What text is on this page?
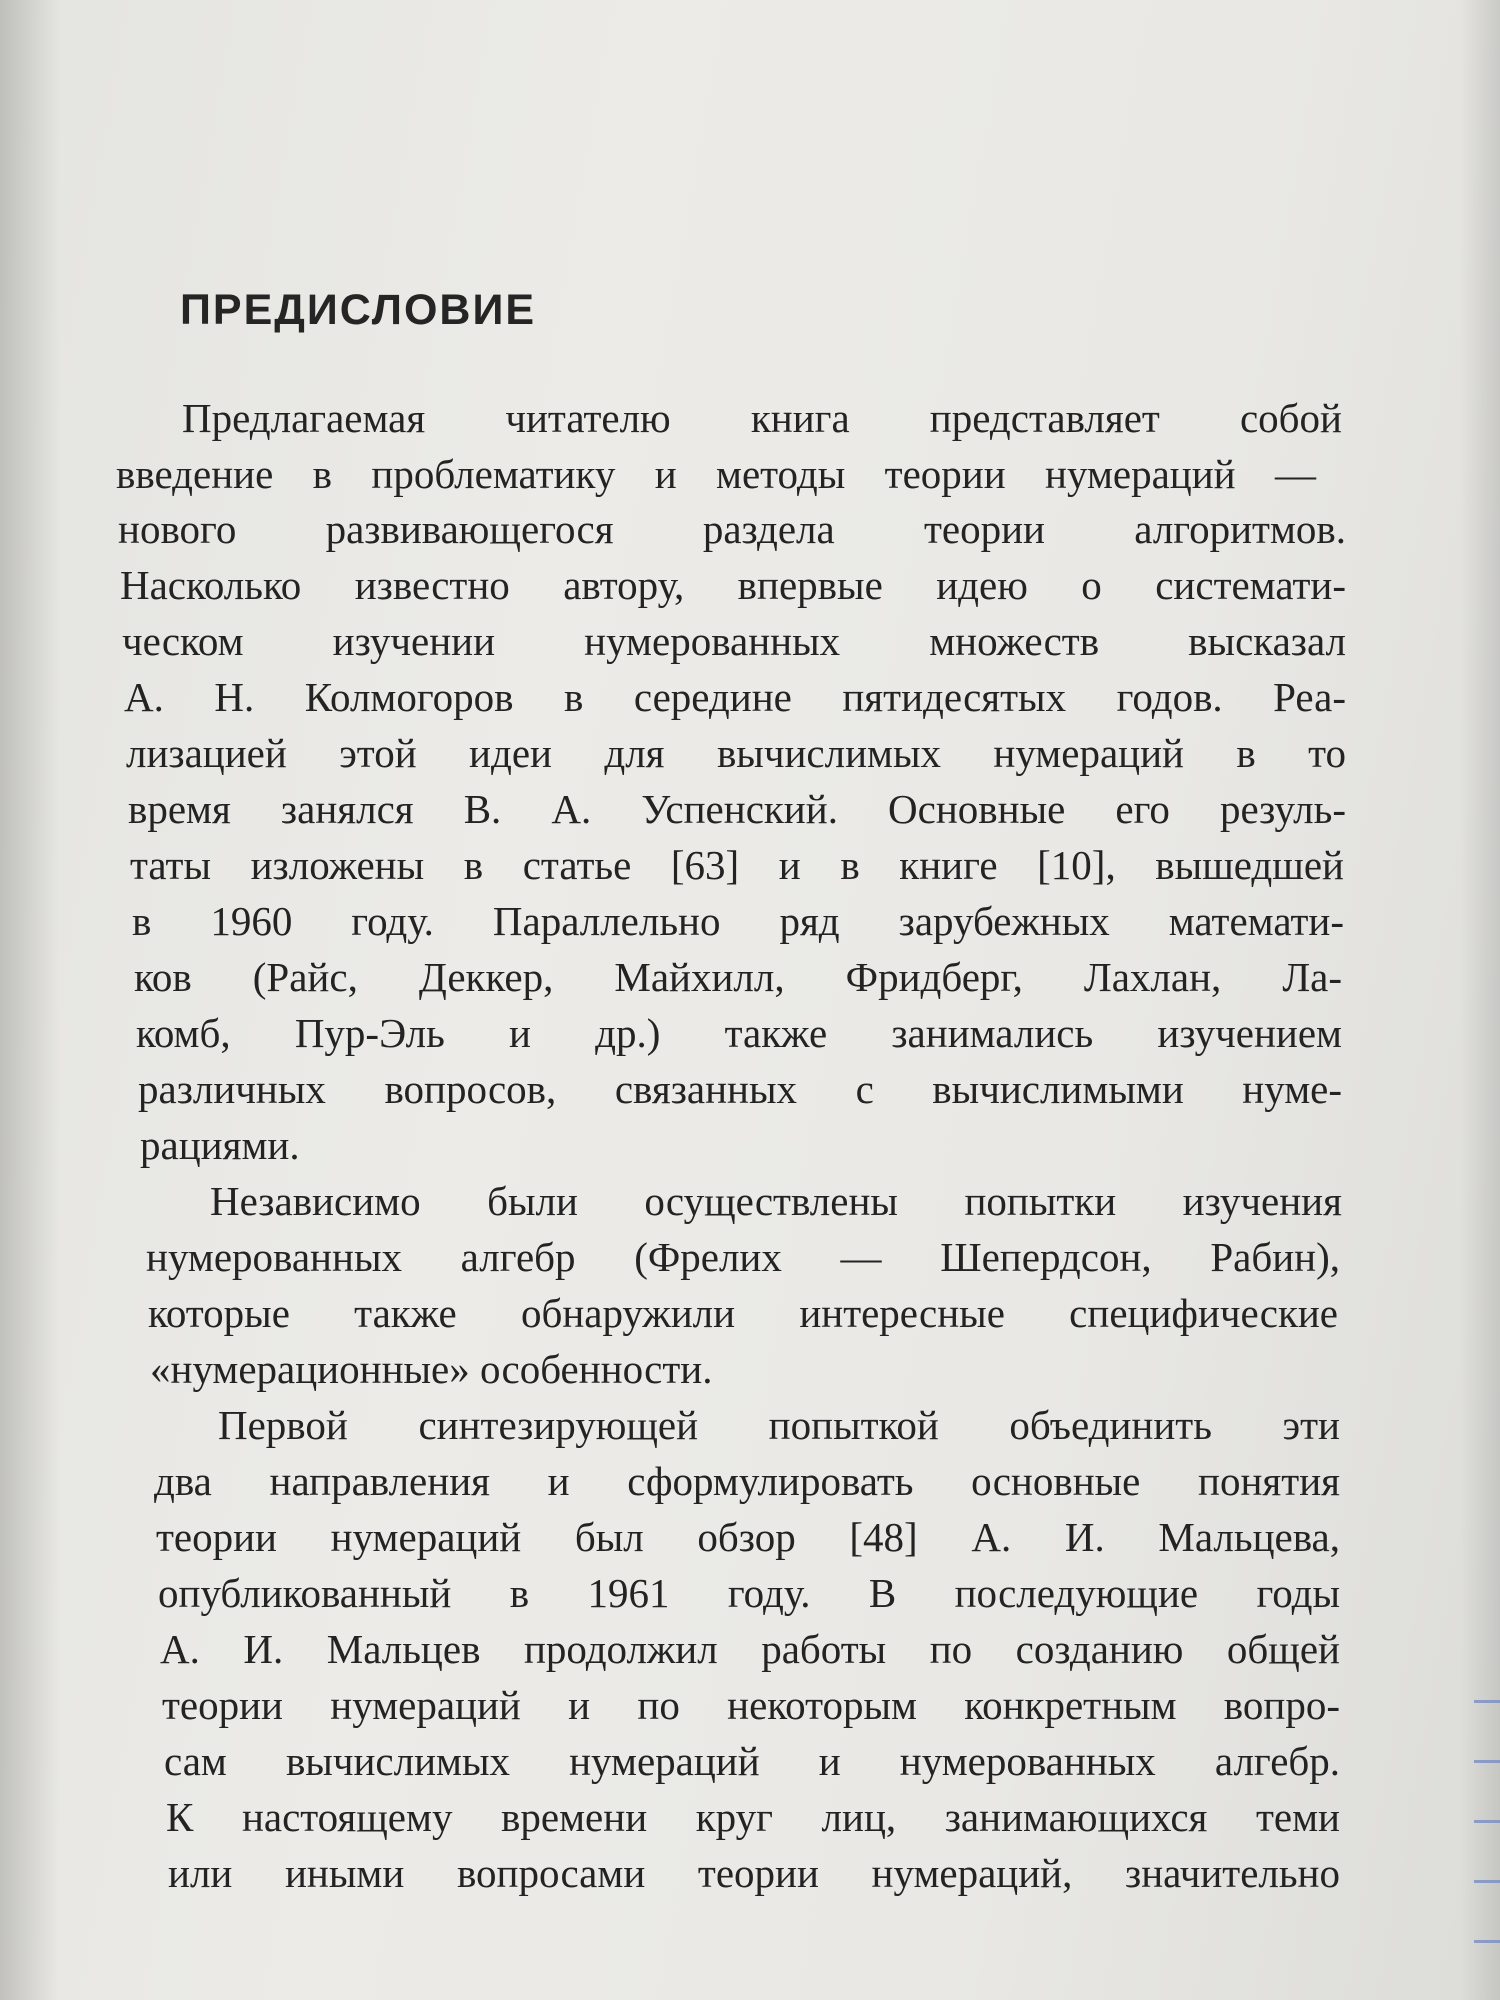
ПРЕДИСЛОВИЕ
Предлагаемая читателю книга представляет собой
введение в проблематику и методы теории нумераций —
нового развивающегося раздела теории алгоритмов.
Насколько известно автору, впервые идею о системати-
ческом изучении нумерованных множеств высказал
А. Н. Колмогоров в середине пятидесятых годов. Реа-
лизацией этой идеи для вычислимых нумераций в то
время занялся В. А. Успенский. Основные его резуль-
таты изложены в статье [63] и в книге [10], вышедшей
в 1960 году. Параллельно ряд зарубежных математи-
ков (Райс, Деккер, Майхилл, Фридберг, Лахлан, Ла-
комб, Пур-Эль и др.) также занимались изучением
различных вопросов, связанных с вычислимыми нуме-
рациями.
Независимо были осуществлены попытки изучения
нумерованных алгебр (Фрелих — Шепердсон, Рабин),
которые также обнаружили интересные специфические
«нумерационные» особенности.
Первой синтезирующей попыткой объединить эти
два направления и сформулировать основные понятия
теории нумераций был обзор [48] А. И. Мальцева,
опубликованный в 1961 году. В последующие годы
А. И. Мальцев продолжил работы по созданию общей
теории нумераций и по некоторым конкретным вопро-
сам вычислимых нумераций и нумерованных алгебр.
К настоящему времени круг лиц, занимающихся теми
или иными вопросами теории нумераций, значительно
